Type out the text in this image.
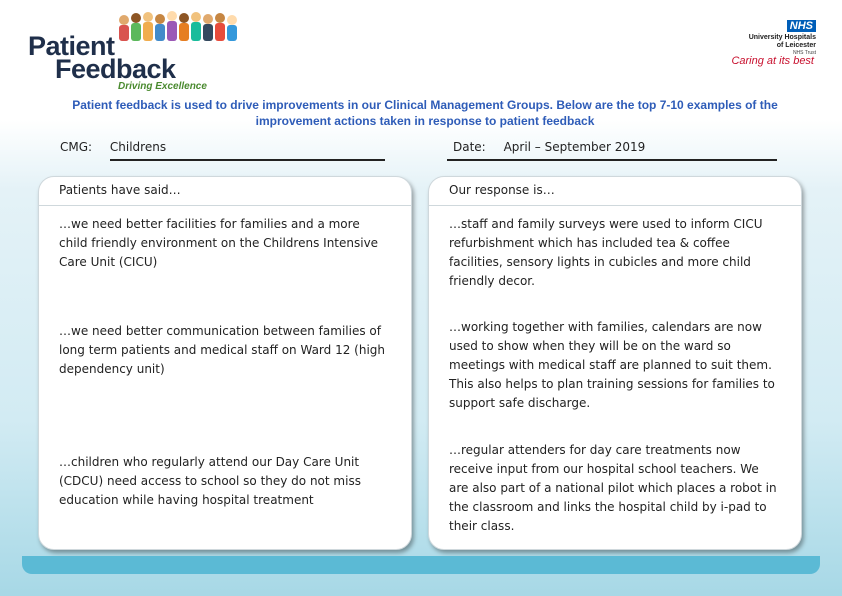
Patient
Feedback
Driving Excellence
NHS
University Hospitals
of Leicester
NHS Trust
Caring at its best
Patient feedback is used to drive improvements in our Clinical Management Groups. Below are the top 7-10 examples of the improvement actions taken in response to patient feedback
CMG: Childrens	Date: April – September 2019
Patients have said…
…we need better facilities for families and a more child friendly environment on the Childrens Intensive Care Unit (CICU)
…we need better communication between families of long term patients and medical staff on Ward 12 (high dependency unit)
…children who regularly attend our Day Care Unit (CDCU) need access to school so they do not miss education while having hospital treatment
Our response is…
…staff and family surveys were used to inform CICU refurbishment which has included tea & coffee facilities, sensory lights in cubicles and more child friendly decor.
…working together with families, calendars are now used to show when they will be on the ward so meetings with medical staff are planned to suit them. This also helps to plan training sessions for families to support safe discharge.
…regular attenders for day care treatments now receive input from our hospital school teachers. We are also part of a national pilot which places a robot in the classroom and links the hospital child by i-pad to their class.
